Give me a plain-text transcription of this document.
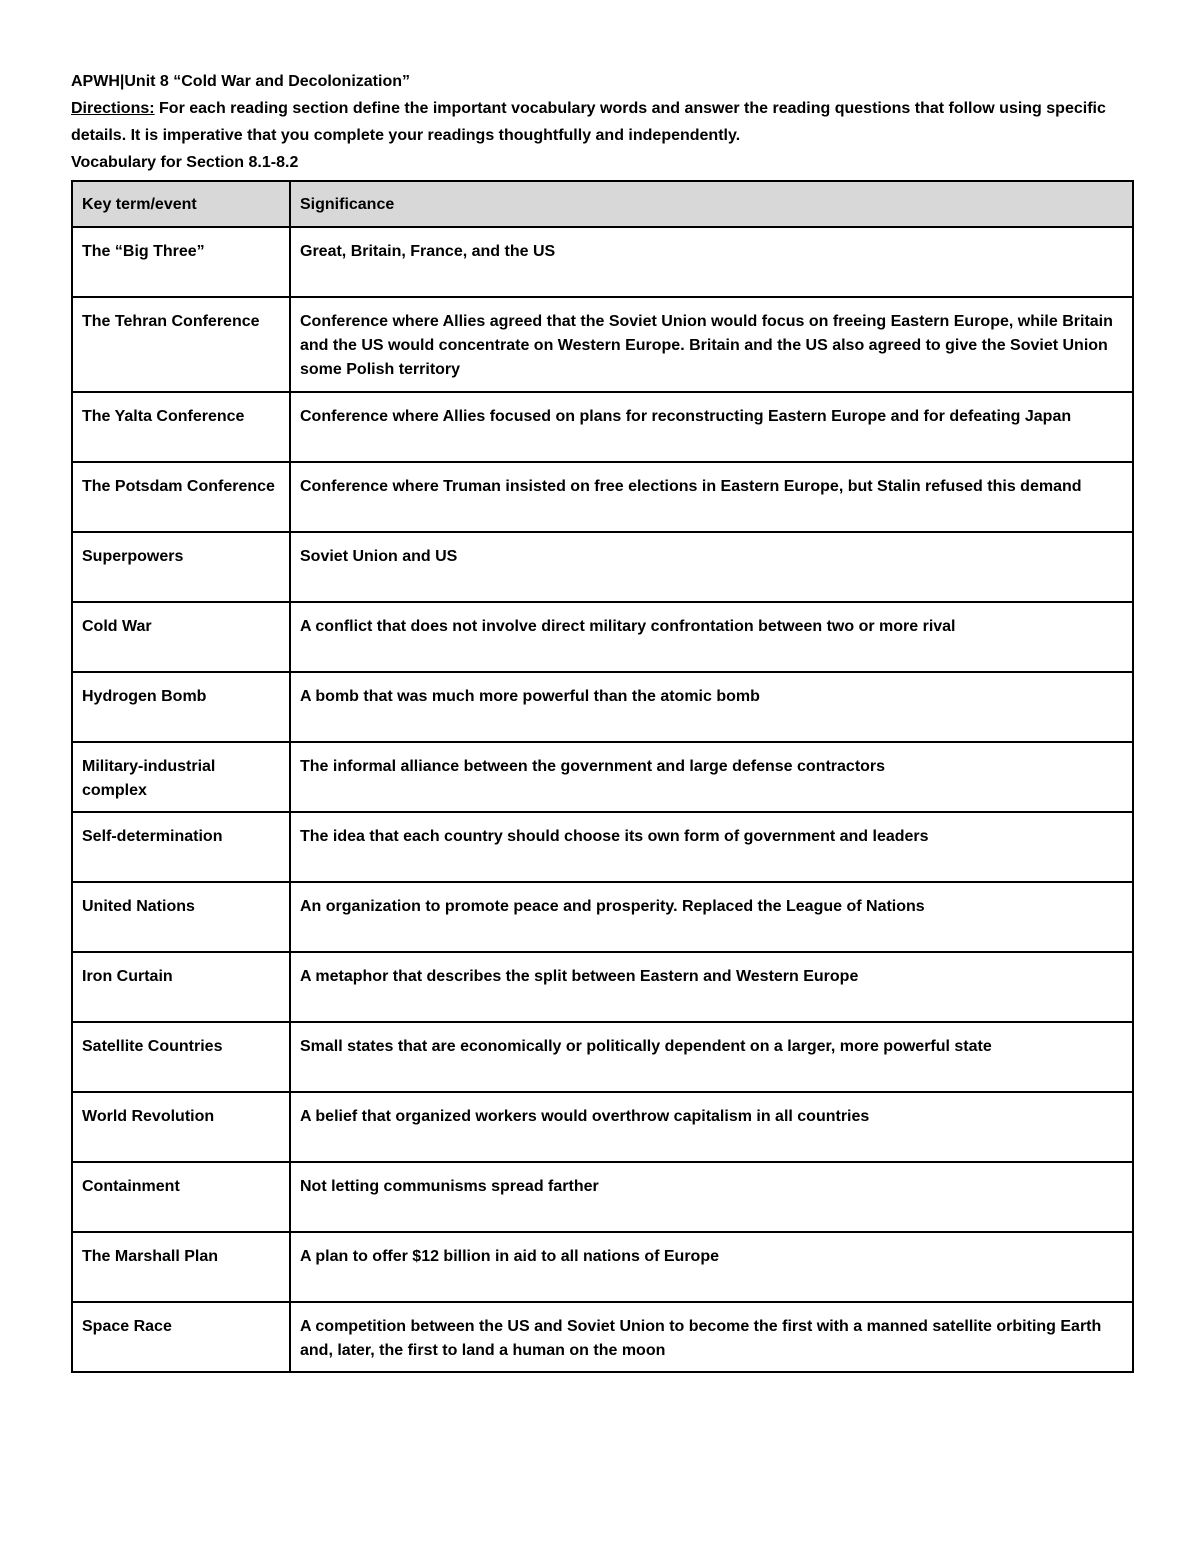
APWH|Unit 8 “Cold War and Decolonization”
Directions: For each reading section define the important vocabulary words and answer the reading questions that follow using specific details. It is imperative that you complete your readings thoughtfully and independently.
Vocabulary for Section 8.1-8.2
Key term/event	Significance
The “Big Three”	Great, Britain, France, and the US
The Tehran Conference	Conference where Allies agreed that the Soviet Union would focus on freeing Eastern Europe, while Britain and the US would concentrate on Western Europe. Britain and the US also agreed to give the Soviet Union some Polish territory
The Yalta Conference	Conference where Allies focused on plans for reconstructing Eastern Europe and for defeating Japan
The Potsdam Conference	Conference where Truman insisted on free elections in Eastern Europe, but Stalin refused this demand
Superpowers	Soviet Union and US
Cold War	A conflict that does not involve direct military confrontation between two or more rival
Hydrogen Bomb	A bomb that was much more powerful than the atomic bomb
Military-industrial complex	The informal alliance between the government and large defense contractors
Self-determination	The idea that each country should choose its own form of government and leaders
United Nations	An organization to promote peace and prosperity. Replaced the League of Nations
Iron Curtain	A metaphor that describes the split between Eastern and Western Europe
Satellite Countries	Small states that are economically or politically dependent on a larger, more powerful state
World Revolution	A belief that organized workers would overthrow capitalism in all countries
Containment	Not letting communisms spread farther
The Marshall Plan	A plan to offer $12 billion in aid to all nations of Europe
Space Race	A competition between the US and Soviet Union to become the first with a manned satellite orbiting Earth and, later, the first to land a human on the moon
